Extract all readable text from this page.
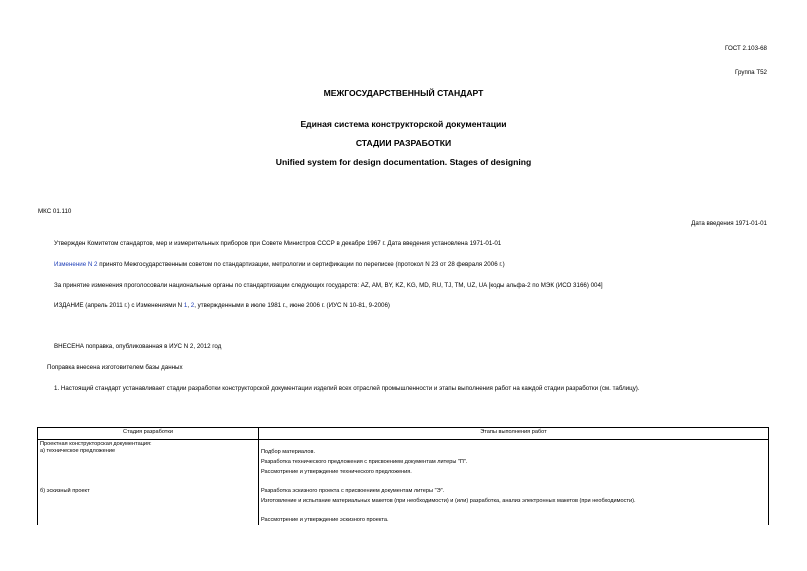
ГОСТ 2.103-68
Группа Т52
МЕЖГОСУДАРСТВЕННЫЙ СТАНДАРТ
Единая система конструкторской документации
СТАДИИ РАЗРАБОТКИ
Unified system for design documentation. Stages of designing
МКС 01.110
Дата введения 1971-01-01
Утвержден Комитетом стандартов, мер и измерительных приборов при Совете Министров СССР в декабре 1967 г. Дата введения установлена 1971-01-01
Изменение N 2 принято Межгосударственным советом по стандартизации, метрологии и сертификации по переписке (протокол N 23 от 28 февраля 2006 г.)
За принятие изменения проголосовали национальные органы по стандартизации следующих государств: AZ, AM, BY, KZ, KG, MD, RU, TJ, TM, UZ, UA [коды альфа-2 по МЭК (ИСО 3166) 004]
ИЗДАНИЕ (апрель 2011 г.) с Изменениями N 1, 2, утвержденными в июле 1981 г., июне 2006 г. (ИУС N 10-81, 9-2006)
ВНЕСЕНА поправка, опубликованная в ИУС N 2, 2012 год
Поправка внесена изготовителем базы данных
1. Настоящий стандарт устанавливает стадии разработки конструкторской документации изделий всех отраслей промышленности и этапы выполнения работ на каждой стадии разработки (см. таблицу).
Стадия разработки	Этапы выполнения работ

Проектная конструкторская документация:
а) техническое предложение	Подбор материалов.
Разработка технического предложения с присвоением документам литеры "П".
Рассмотрение и утверждение технического предложения.

б) эскизный проект	Разработка эскизного проекта с присвоением документам литеры "Э".
Изготовление и испытание материальных макетов (при необходимости) и (или) разработка, анализ электронных макетов (при необходимости).
Рассмотрение и утверждение эскизного проекта.
